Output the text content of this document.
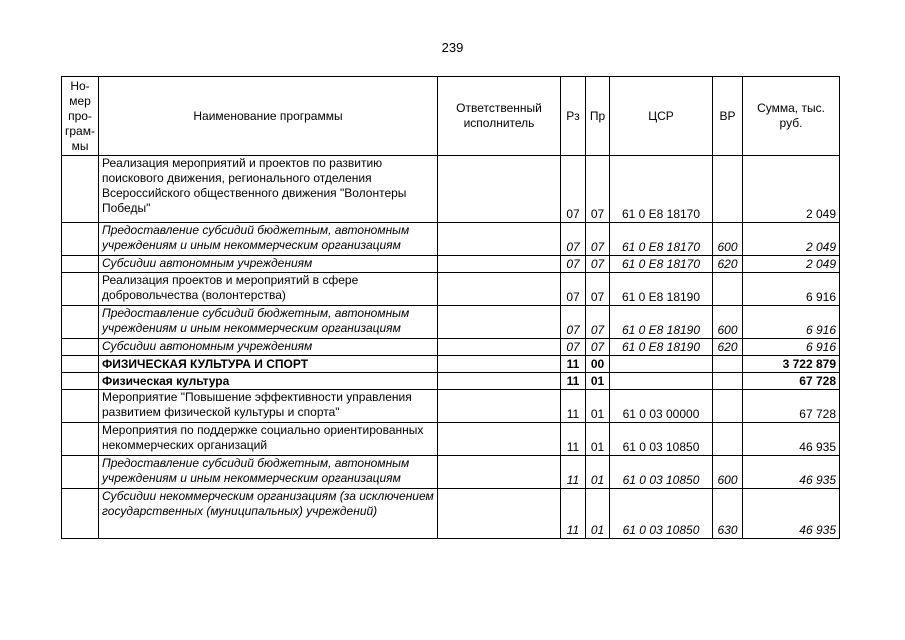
239
Но-мер про-грам-мы	Наименование программы	Ответственный исполнитель	Рз	Пр	ЦСР	ВР	Сумма, тыс. руб.
	Реализация мероприятий и проектов по развитию поискового движения, регионального отделения Всероссийского общественного движения "Волонтеры Победы"		07	07	61 0 E8 18170		2 049
	Предоставление субсидий бюджетным, автономным учреждениям и иным некоммерческим организациям		07	07	61 0 E8 18170	600	2 049
	Субсидии автономным учреждениям		07	07	61 0 E8 18170	620	2 049
	Реализация проектов и мероприятий в сфере добровольчества (волонтерства)		07	07	61 0 E8 18190		6 916
	Предоставление субсидий бюджетным, автономным учреждениям и иным некоммерческим организациям		07	07	61 0 E8 18190	600	6 916
	Субсидии автономным учреждениям		07	07	61 0 E8 18190	620	6 916
	ФИЗИЧЕСКАЯ КУЛЬТУРА И СПОРТ		11	00			3 722 879
	Физическая культура		11	01			67 728
	Мероприятие "Повышение эффективности управления развитием физической культуры и спорта"		11	01	61 0 03 00000		67 728
	Мероприятия по поддержке социально ориентированных некоммерческих организаций		11	01	61 0 03 10850		46 935
	Предоставление субсидий бюджетным, автономным учреждениям и иным некоммерческим организациям		11	01	61 0 03 10850	600	46 935
	Субсидии некоммерческим организациям (за исключением государственных (муниципальных) учреждений)		11	01	61 0 03 10850	630	46 935
